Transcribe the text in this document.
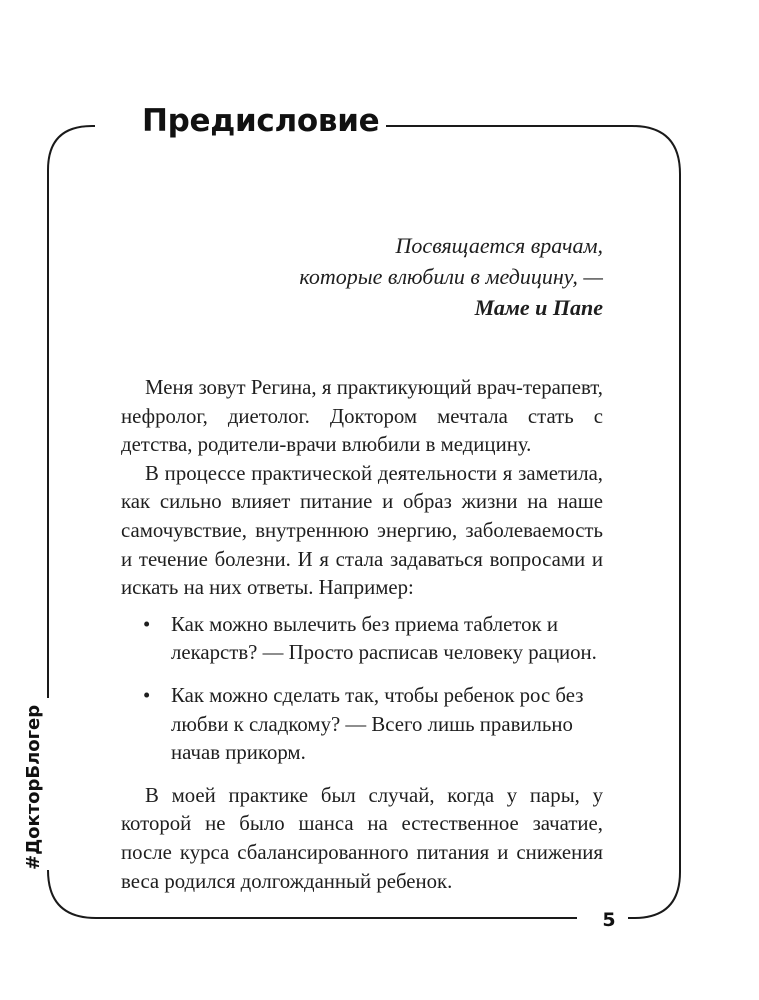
Предисловие
Посвящается врачам,
которые влюбили в медицину, —
Маме и Папе

Меня зовут Регина, я практикующий врач-терапевт, нефролог, диетолог. Доктором мечтала стать с детства, родители-врачи влюбили в медицину.

В процессе практической деятельности я заметила, как сильно влияет питание и образ жизни на наше самочувствие, внутреннюю энергию, заболеваемость и течение болезни. И я стала задаваться вопросами и искать на них ответы. Например:

• Как можно вылечить без приема таблеток и лекарств? — Просто расписав человеку рацион.
• Как можно сделать так, чтобы ребенок рос без любви к сладкому? — Всего лишь правильно начав прикорм.

В моей практике был случай, когда у пары, у которой не было шанса на естественное зачатие, после курса сбалансированного питания и снижения веса родился долгожданный ребенок.

#ДокторБлогер
5
